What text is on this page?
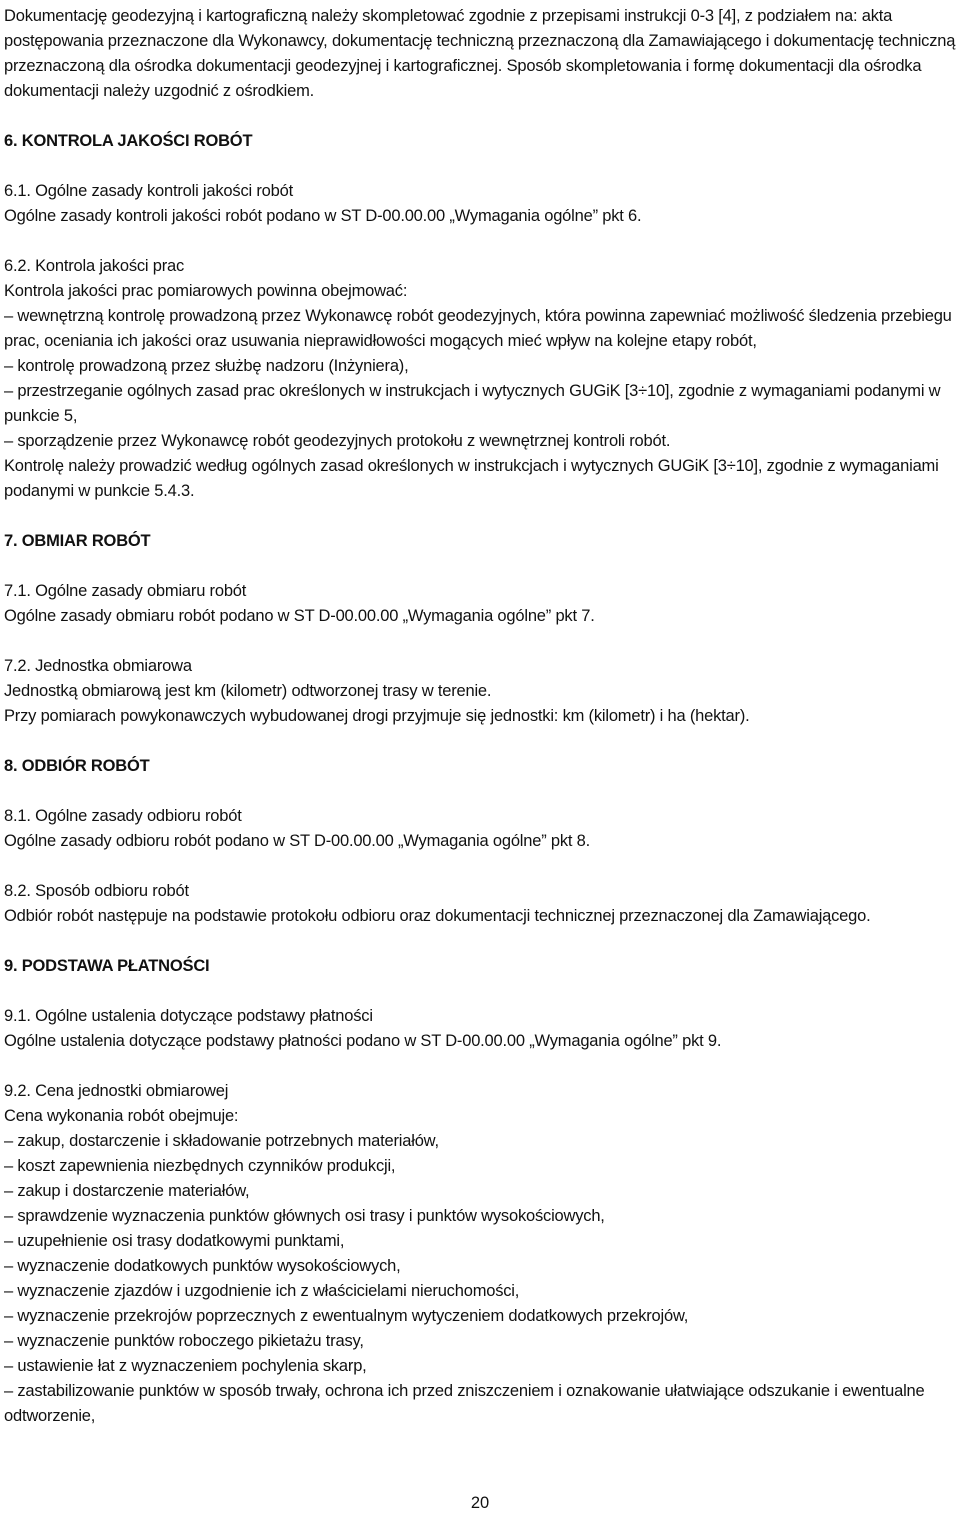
Dokumentację geodezyjną i kartograficzną należy skompletować zgodnie z przepisami instrukcji 0-3 [4], z podziałem na: akta postępowania przeznaczone dla Wykonawcy, dokumentację techniczną przeznaczoną dla Zamawiającego i dokumentację techniczną przeznaczoną dla ośrodka dokumentacji geodezyjnej i kartograficznej. Sposób skompletowania i formę dokumentacji dla ośrodka dokumentacji należy uzgodnić z ośrodkiem.

6. KONTROLA JAKOŚCI ROBÓT

6.1. Ogólne zasady kontroli jakości robót

Ogólne zasady kontroli jakości robót podano w ST D-00.00.00 „Wymagania ogólne” pkt 6.

6.2. Kontrola jakości prac

Kontrola jakości prac pomiarowych powinna obejmować:

– wewnętrzną kontrolę prowadzoną przez Wykonawcę robót geodezyjnych, która powinna zapewniać możliwość śledzenia przebiegu prac, oceniania ich jakości oraz usuwania nieprawidłowości mogących mieć wpływ na kolejne etapy robót,

– kontrolę prowadzoną przez służbę nadzoru (Inżyniera),

– przestrzeganie ogólnych zasad prac określonych w instrukcjach i wytycznych GUGiK [3÷10], zgodnie z wymaganiami podanymi w punkcie 5,

– sporządzenie przez Wykonawcę robót geodezyjnych protokołu z wewnętrznej kontroli robót.

Kontrolę należy prowadzić według ogólnych zasad określonych w instrukcjach i wytycznych GUGiK [3÷10], zgodnie z wymaganiami podanymi w punkcie 5.4.3.

7. OBMIAR ROBÓT

7.1. Ogólne zasady obmiaru robót

Ogólne zasady obmiaru robót podano w ST D-00.00.00 „Wymagania ogólne” pkt 7.

7.2. Jednostka obmiarowa

Jednostką obmiarową jest km (kilometr) odtworzonej trasy w terenie.

Przy pomiarach powykonawczych wybudowanej drogi przyjmuje się jednostki: km (kilometr) i ha (hektar).

8. ODBIÓR ROBÓT

8.1. Ogólne zasady odbioru robót

Ogólne zasady odbioru robót podano w ST D-00.00.00 „Wymagania ogólne” pkt 8.

8.2. Sposób odbioru robót

Odbiór robót następuje na podstawie protokołu odbioru oraz dokumentacji technicznej przeznaczonej dla Zamawiającego.

9. PODSTAWA PŁATNOŚCI

9.1. Ogólne ustalenia dotyczące podstawy płatności

Ogólne ustalenia dotyczące podstawy płatności podano w ST D-00.00.00 „Wymagania ogólne” pkt 9.

9.2. Cena jednostki obmiarowej

Cena wykonania robót obejmuje:

– zakup, dostarczenie i składowanie potrzebnych materiałów,

– koszt zapewnienia niezbędnych czynników produkcji,

– zakup i dostarczenie materiałów,

– sprawdzenie wyznaczenia punktów głównych osi trasy i punktów wysokościowych,

– uzupełnienie osi trasy dodatkowymi punktami,

– wyznaczenie dodatkowych punktów wysokościowych,

– wyznaczenie zjazdów i uzgodnienie ich z właścicielami nieruchomości,

– wyznaczenie przekrojów poprzecznych z ewentualnym wytyczeniem dodatkowych przekrojów,

– wyznaczenie punktów roboczego pikietażu trasy,

– ustawienie łat z wyznaczeniem pochylenia skarp,

– zastabilizowanie punktów w sposób trwały, ochrona ich przed zniszczeniem i oznakowanie ułatwiające odszukanie i ewentualne odtworzenie,

20
